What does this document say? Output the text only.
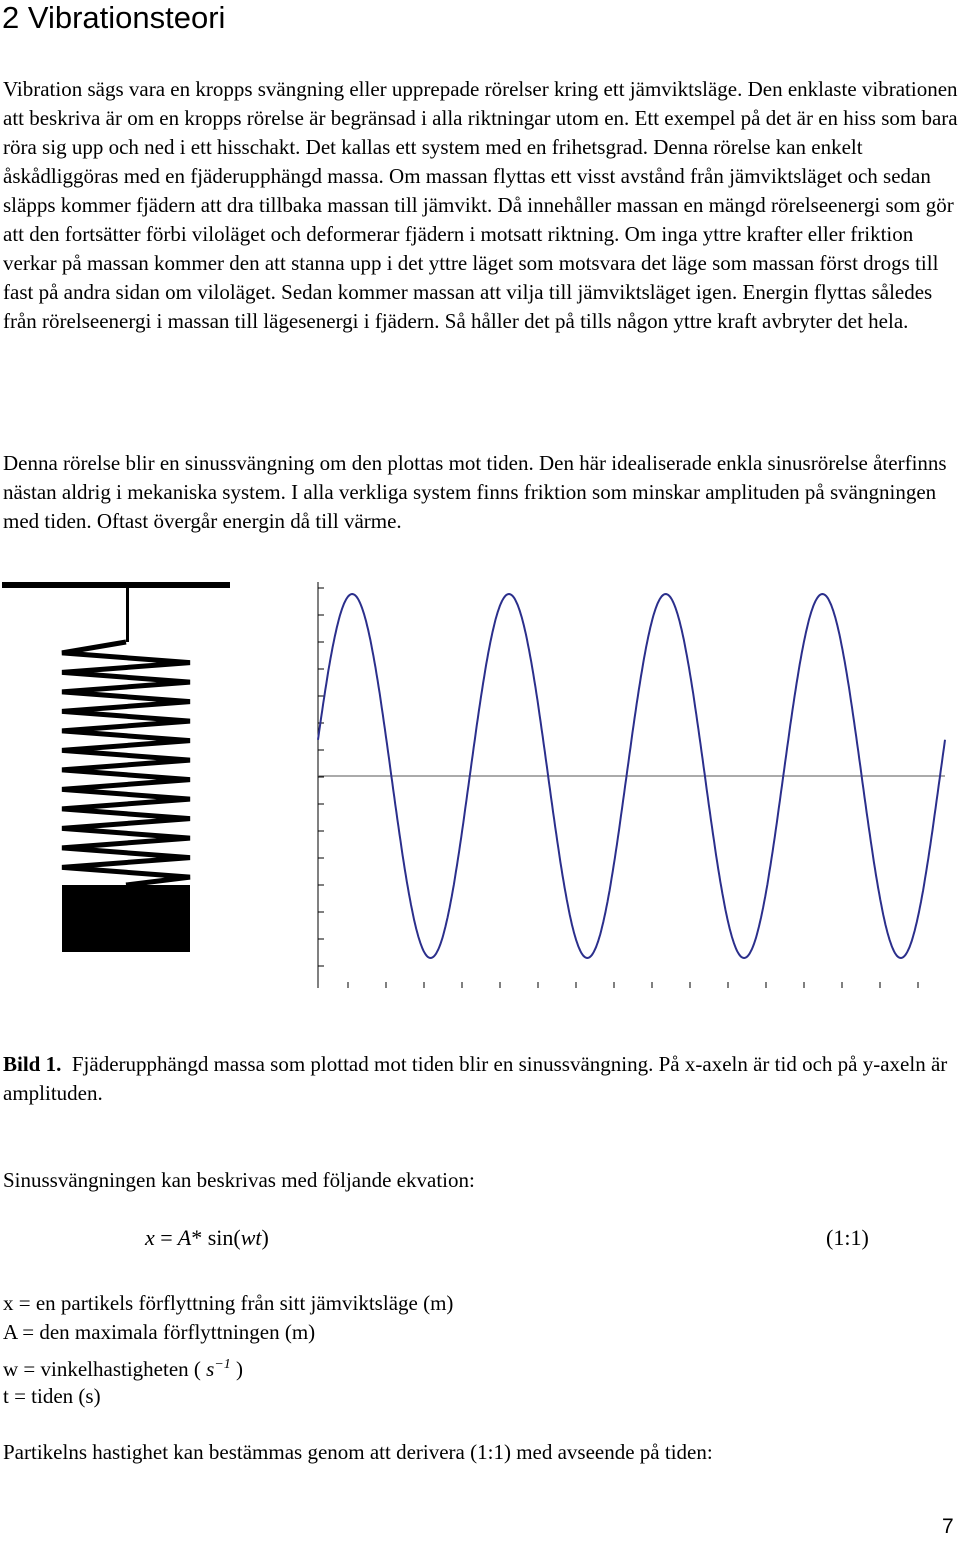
2 Vibrationsteori

Vibration sägs vara en kropps svängning eller upprepade rörelser kring ett jämviktsläge. Den enklaste vibrationen att beskriva är om en kropps rörelse är begränsad i alla riktningar utom en. Ett exempel på det är en hiss som bara röra sig upp och ned i ett hisschakt. Det kallas ett system med en frihetsgrad. Denna rörelse kan enkelt åskådliggöras med en fjäderupphängd massa. Om massan flyttas ett visst avstånd från jämviktsläget och sedan släpps kommer fjädern att dra tillbaka massan till jämvikt. Då innehåller massan en mängd rörelseenergi som gör att den fortsätter förbi viloläget och deformerar fjädern i motsatt riktning. Om inga yttre krafter eller friktion verkar på massan kommer den att stanna upp i det yttre läget som motsvara det läge som massan först drogs till fast på andra sidan om viloläget. Sedan kommer massan att vilja till jämviktsläget igen. Energin flyttas således från rörelseenergi i massan till lägesenergi i fjädern. Så håller det på tills någon yttre kraft avbryter det hela.

Denna rörelse blir en sinussvängning om den plottas mot tiden. Den här idealiserade enkla sinusrörelse återfinns nästan aldrig i mekaniska system. I alla verkliga system finns friktion som minskar amplituden på svängningen med tiden. Oftast övergår energin då till värme.

Bild 1. Fjäderupphängd massa som plottad mot tiden blir en sinussvängning. På x-axeln är tid och på y-axeln är amplituden.

Sinussvängningen kan beskrivas med följande ekvation:

x = A* sin(wt)	(1:1)
x = en partikels förflyttning från sitt jämviktsläge (m)
A = den maximala förflyttningen (m)
w = vinkelhastigheten ( $s^{-1}$ )
t = tiden (s)

Partikelns hastighet kan bestämmas genom att derivera (1:1) med avseende på tiden:

7
